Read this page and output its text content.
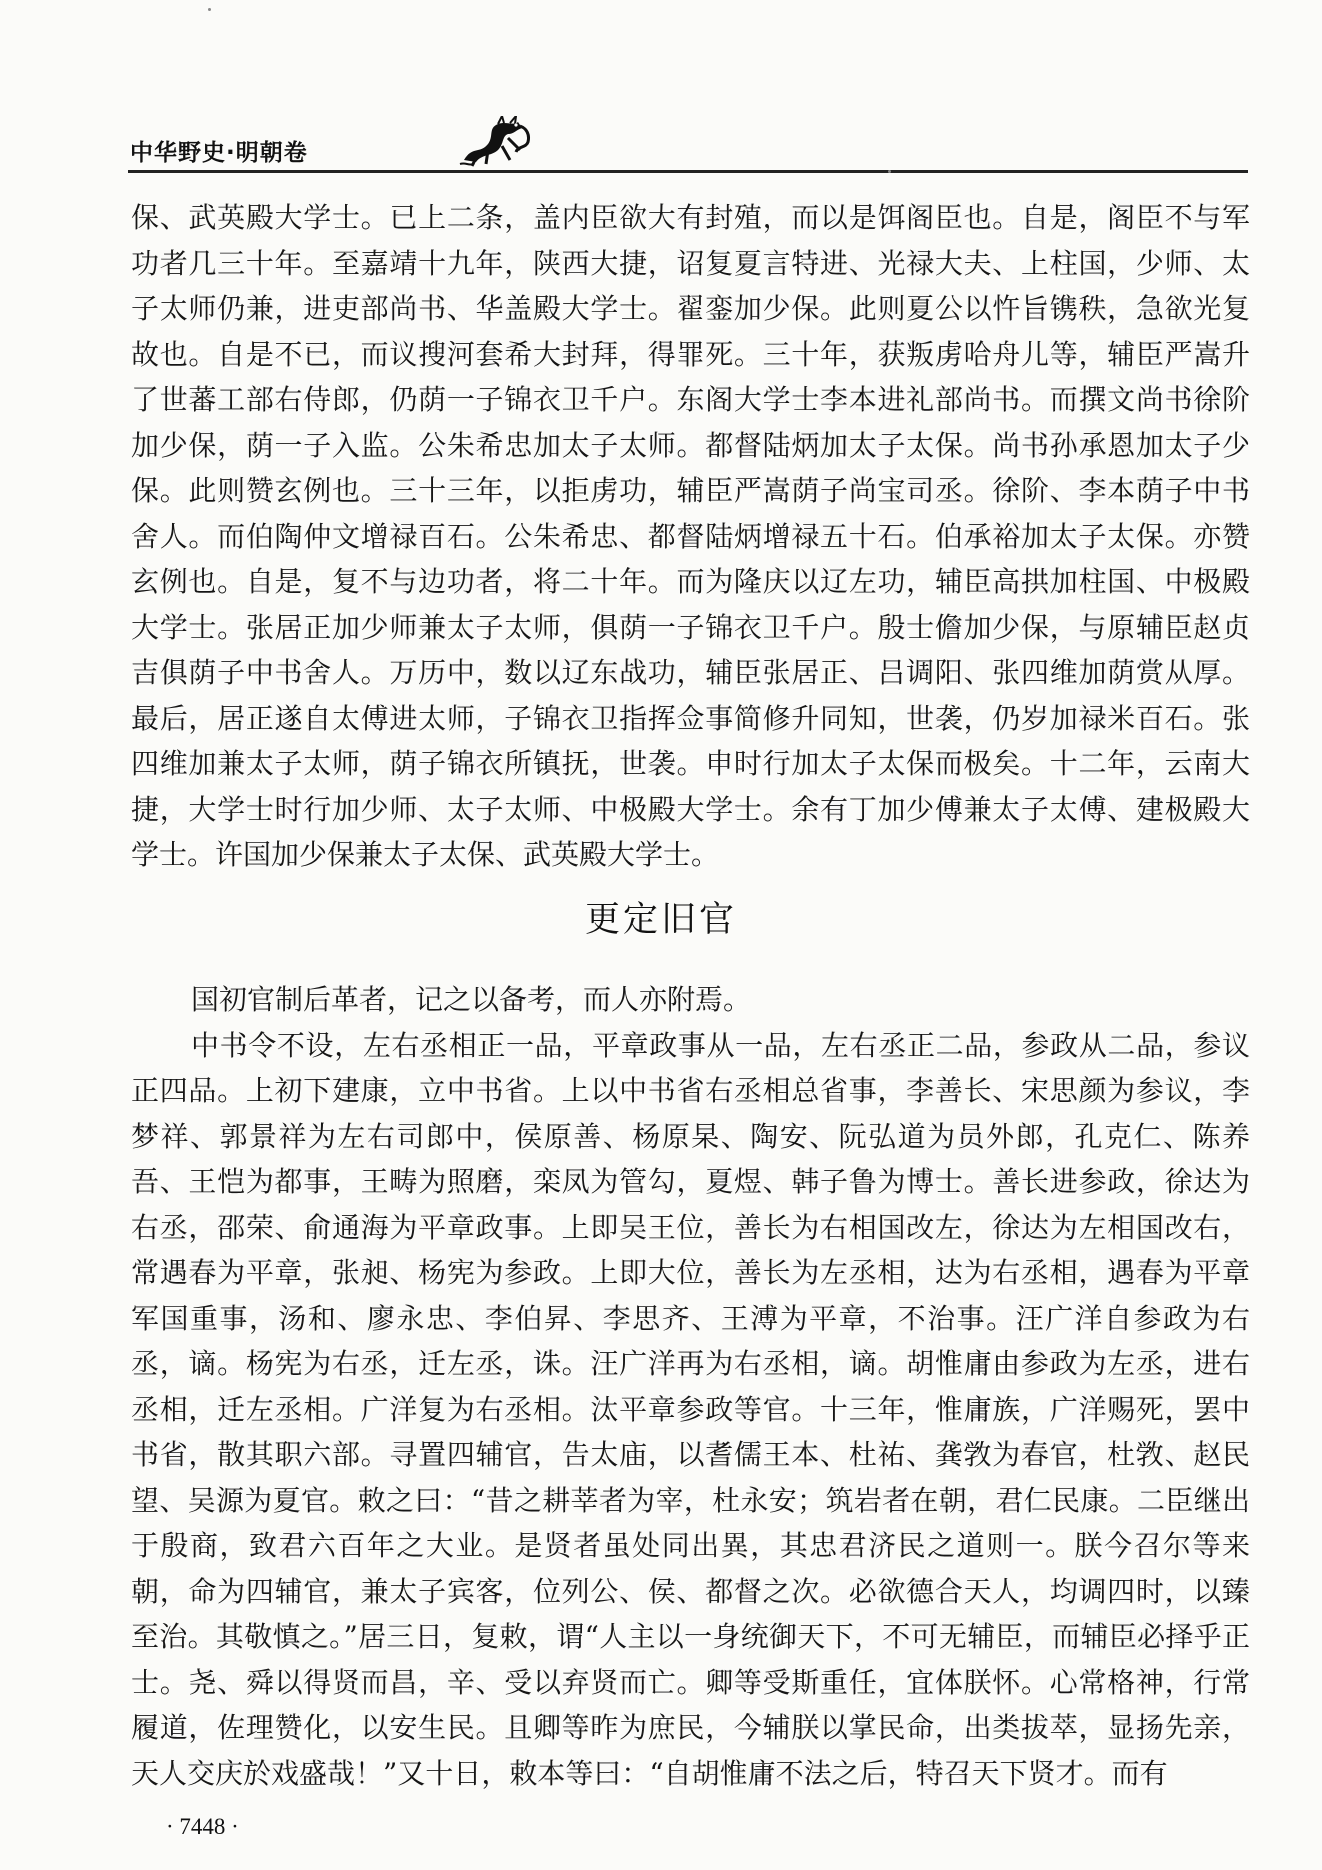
中华野史·明朝卷

保、武英殿大学士。已上二条，盖内臣欲大有封殖，而以是饵阁臣也。自是，阁臣不与军功者几三十年。至嘉靖十九年，陕西大捷，诏复夏言特进、光禄大夫、上柱国，少师、太子太师仍兼，进吏部尚书、华盖殿大学士。翟銮加少保。此则夏公以忤旨镌秩，急欲光复故也。自是不已，而议搜河套希大封拜，得罪死。三十年，获叛虏哈舟儿等，辅臣严嵩升了世蕃工部右侍郎，仍荫一子锦衣卫千户。东阁大学士李本进礼部尚书。而撰文尚书徐阶加少保，荫一子入监。公朱希忠加太子太师。都督陆炳加太子太保。尚书孙承恩加太子少保。此则赞玄例也。三十三年，以拒虏功，辅臣严嵩荫子尚宝司丞。徐阶、李本荫子中书舍人。而伯陶仲文增禄百石。公朱希忠、都督陆炳增禄五十石。伯承裕加太子太保。亦赞玄例也。自是，复不与边功者，将二十年。而为隆庆以辽左功，辅臣高拱加柱国、中极殿大学士。张居正加少师兼太子太师，俱荫一子锦衣卫千户。殷士儋加少保，与原辅臣赵贞吉俱荫子中书舍人。万历中，数以辽东战功，辅臣张居正、吕调阳、张四维加荫赏从厚。最后，居正遂自太傅进太师，子锦衣卫指挥佥事简修升同知，世袭，仍岁加禄米百石。张四维加兼太子太师，荫子锦衣所镇抚，世袭。申时行加太子太保而极矣。十二年，云南大捷，大学士时行加少师、太子太师、中极殿大学士。余有丁加少傅兼太子太傅、建极殿大学士。许国加少保兼太子太保、武英殿大学士。

更定旧官

国初官制后革者，记之以备考，而人亦附焉。

中书令不设，左右丞相正一品，平章政事从一品，左右丞正二品，参政从二品，参议正四品。上初下建康，立中书省。上以中书省右丞相总省事，李善长、宋思颜为参议，李梦祥、郭景祥为左右司郎中，侯原善、杨原杲、陶安、阮弘道为员外郎，孔克仁、陈养吾、王恺为都事，王畴为照磨，栾凤为管勾，夏煜、韩子鲁为博士。善长进参政，徐达为右丞，邵荣、俞通海为平章政事。上即吴王位，善长为右相国改左，徐达为左相国改右，常遇春为平章，张昶、杨宪为参政。上即大位，善长为左丞相，达为右丞相，遇春为平章军国重事，汤和、廖永忠、李伯昇、李思齐、王溥为平章，不治事。汪广洋自参政为右丞，谪。杨宪为右丞，迁左丞，诛。汪广洋再为右丞相，谪。胡惟庸由参政为左丞，进右丞相，迁左丞相。广洋复为右丞相。汰平章参政等官。十三年，惟庸族，广洋赐死，罢中书省，散其职六部。寻置四辅官，告太庙，以耆儒王本、杜祐、龚敩为春官，杜敩、赵民望、吴源为夏官。敕之曰：“昔之耕莘者为宰，杜永安；筑岩者在朝，君仁民康。二臣继出于殷商，致君六百年之大业。是贤者虽处同出異，其忠君济民之道则一。朕今召尔等来朝，命为四辅官，兼太子宾客，位列公、侯、都督之次。必欲德合天人，均调四时，以臻至治。其敬慎之。”居三日，复敕，谓“人主以一身统御天下，不可无辅臣，而辅臣必择乎正士。尧、舜以得贤而昌，辛、受以弃贤而亡。卿等受斯重任，宜体朕怀。心常格神，行常履道，佐理赞化，以安生民。且卿等昨为庶民，今辅朕以掌民命，出类拔萃，显扬先亲，天人交庆於戏盛哉！”又十日，敕本等曰：“自胡惟庸不法之后，特召天下贤才。而有

· 7448 ·
